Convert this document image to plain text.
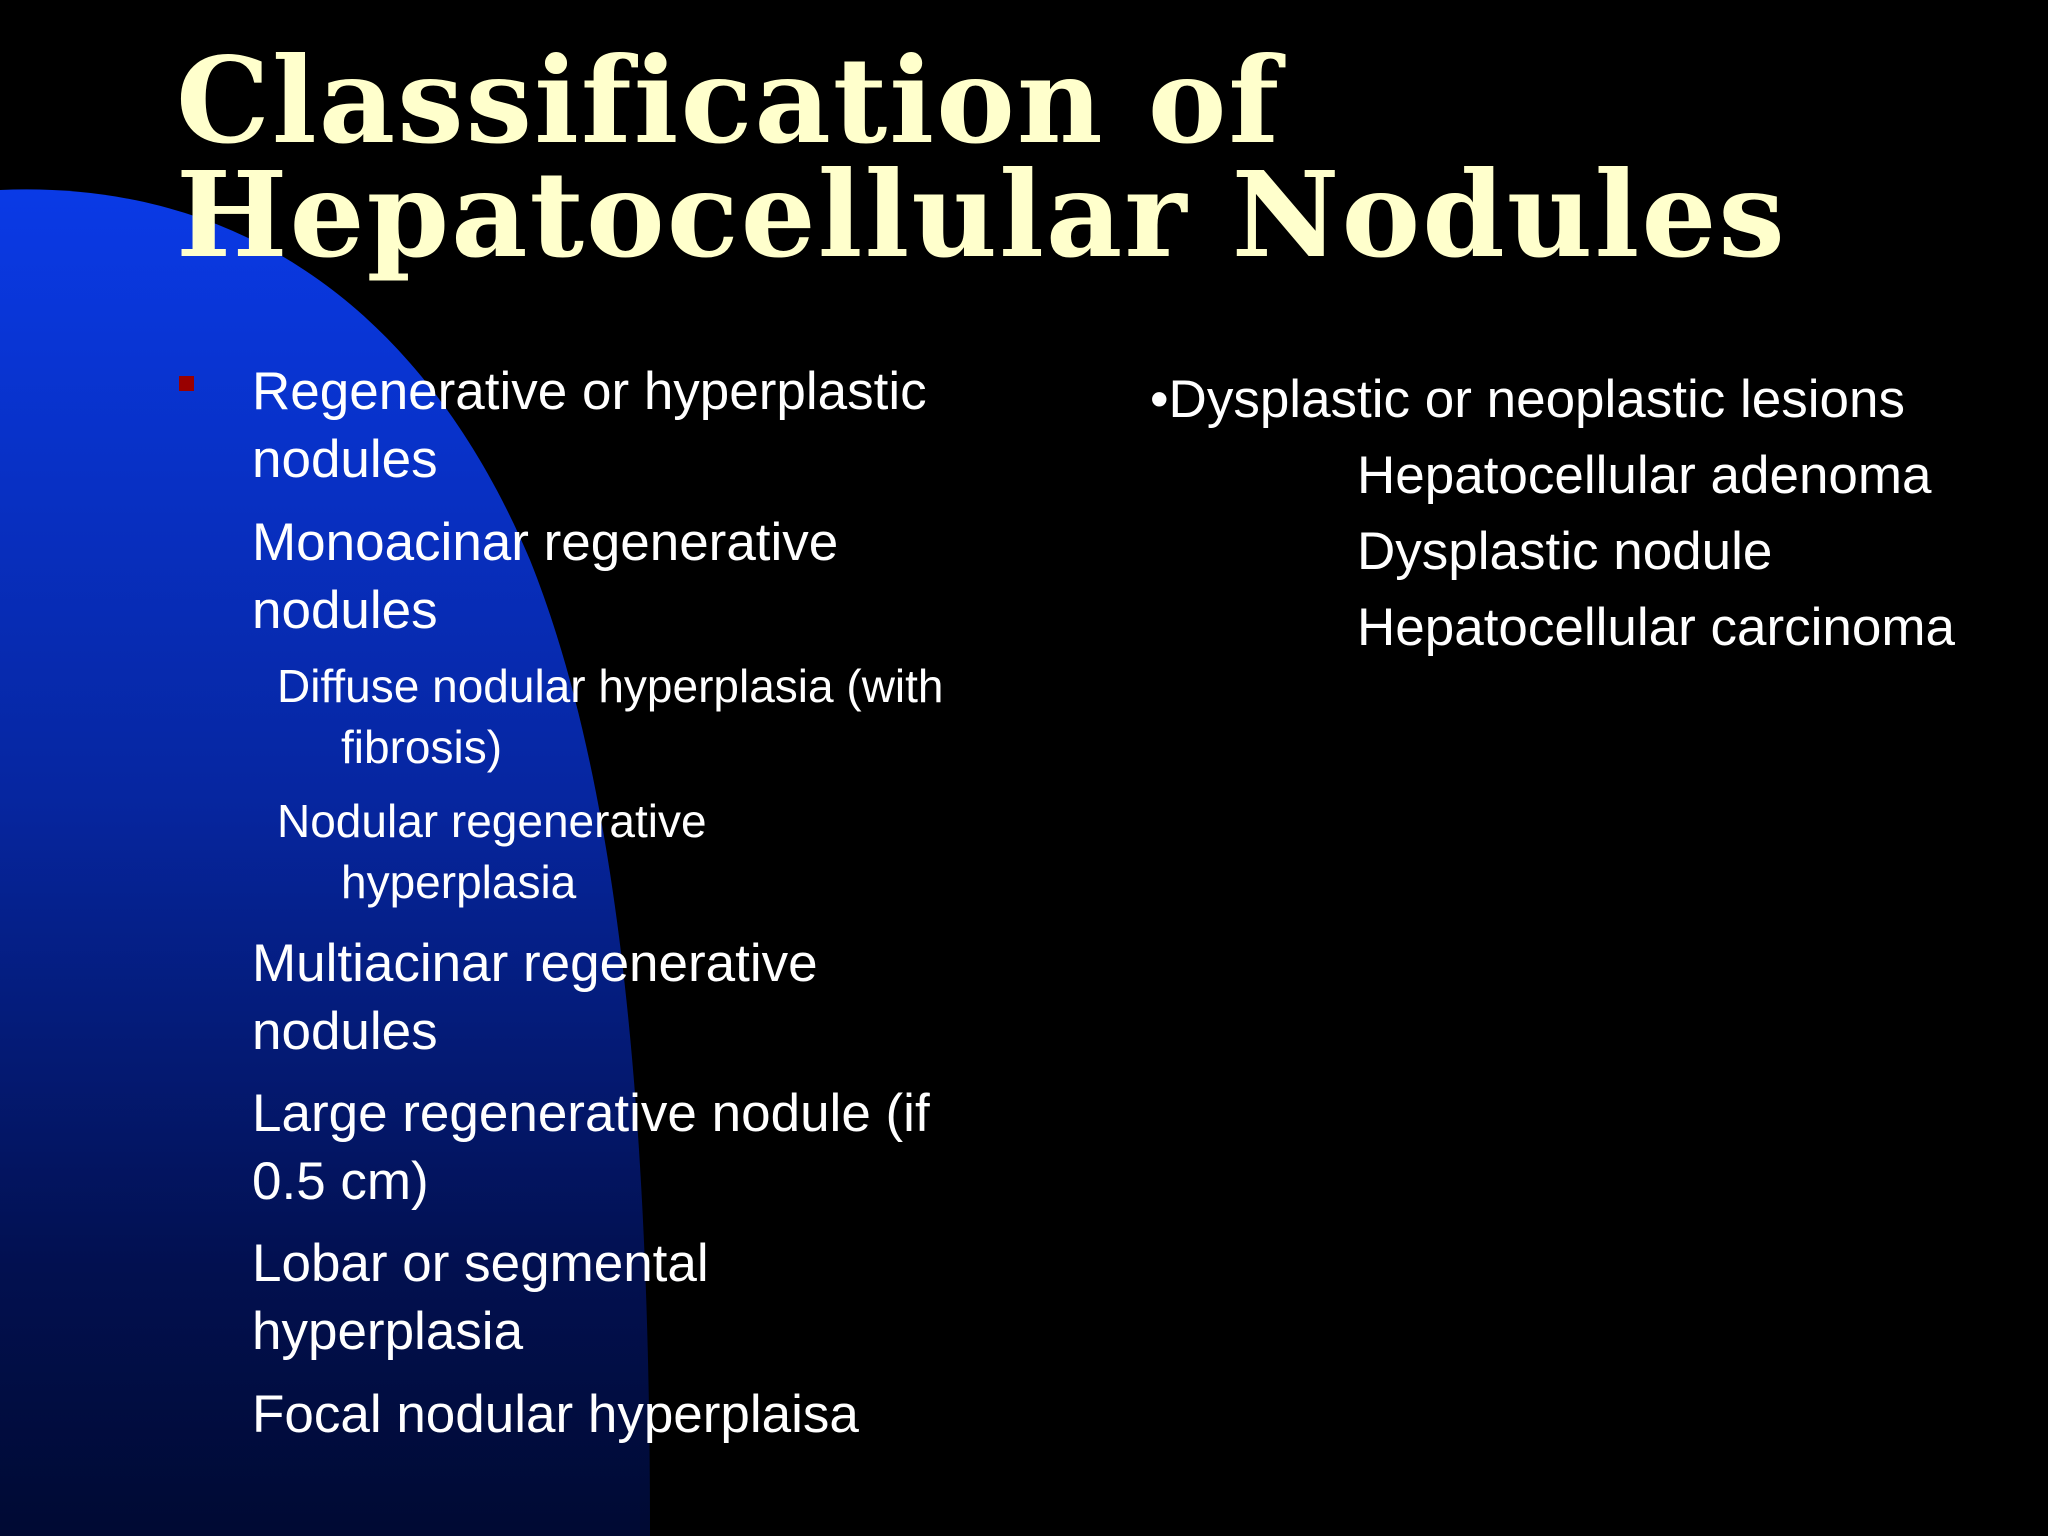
Classification of
Hepatocellular Nodules
Regenerative or hyperplastic
nodules
Monoacinar regenerative
nodules
Diffuse nodular hyperplasia (with
fibrosis)
Nodular regenerative
hyperplasia
Multiacinar regenerative
nodules
Large regenerative nodule (if
0.5 cm)
Lobar or segmental
hyperplasia
Focal nodular hyperplaisa
•Dysplastic or neoplastic lesions
Hepatocellular adenoma
Dysplastic nodule
Hepatocellular carcinoma
